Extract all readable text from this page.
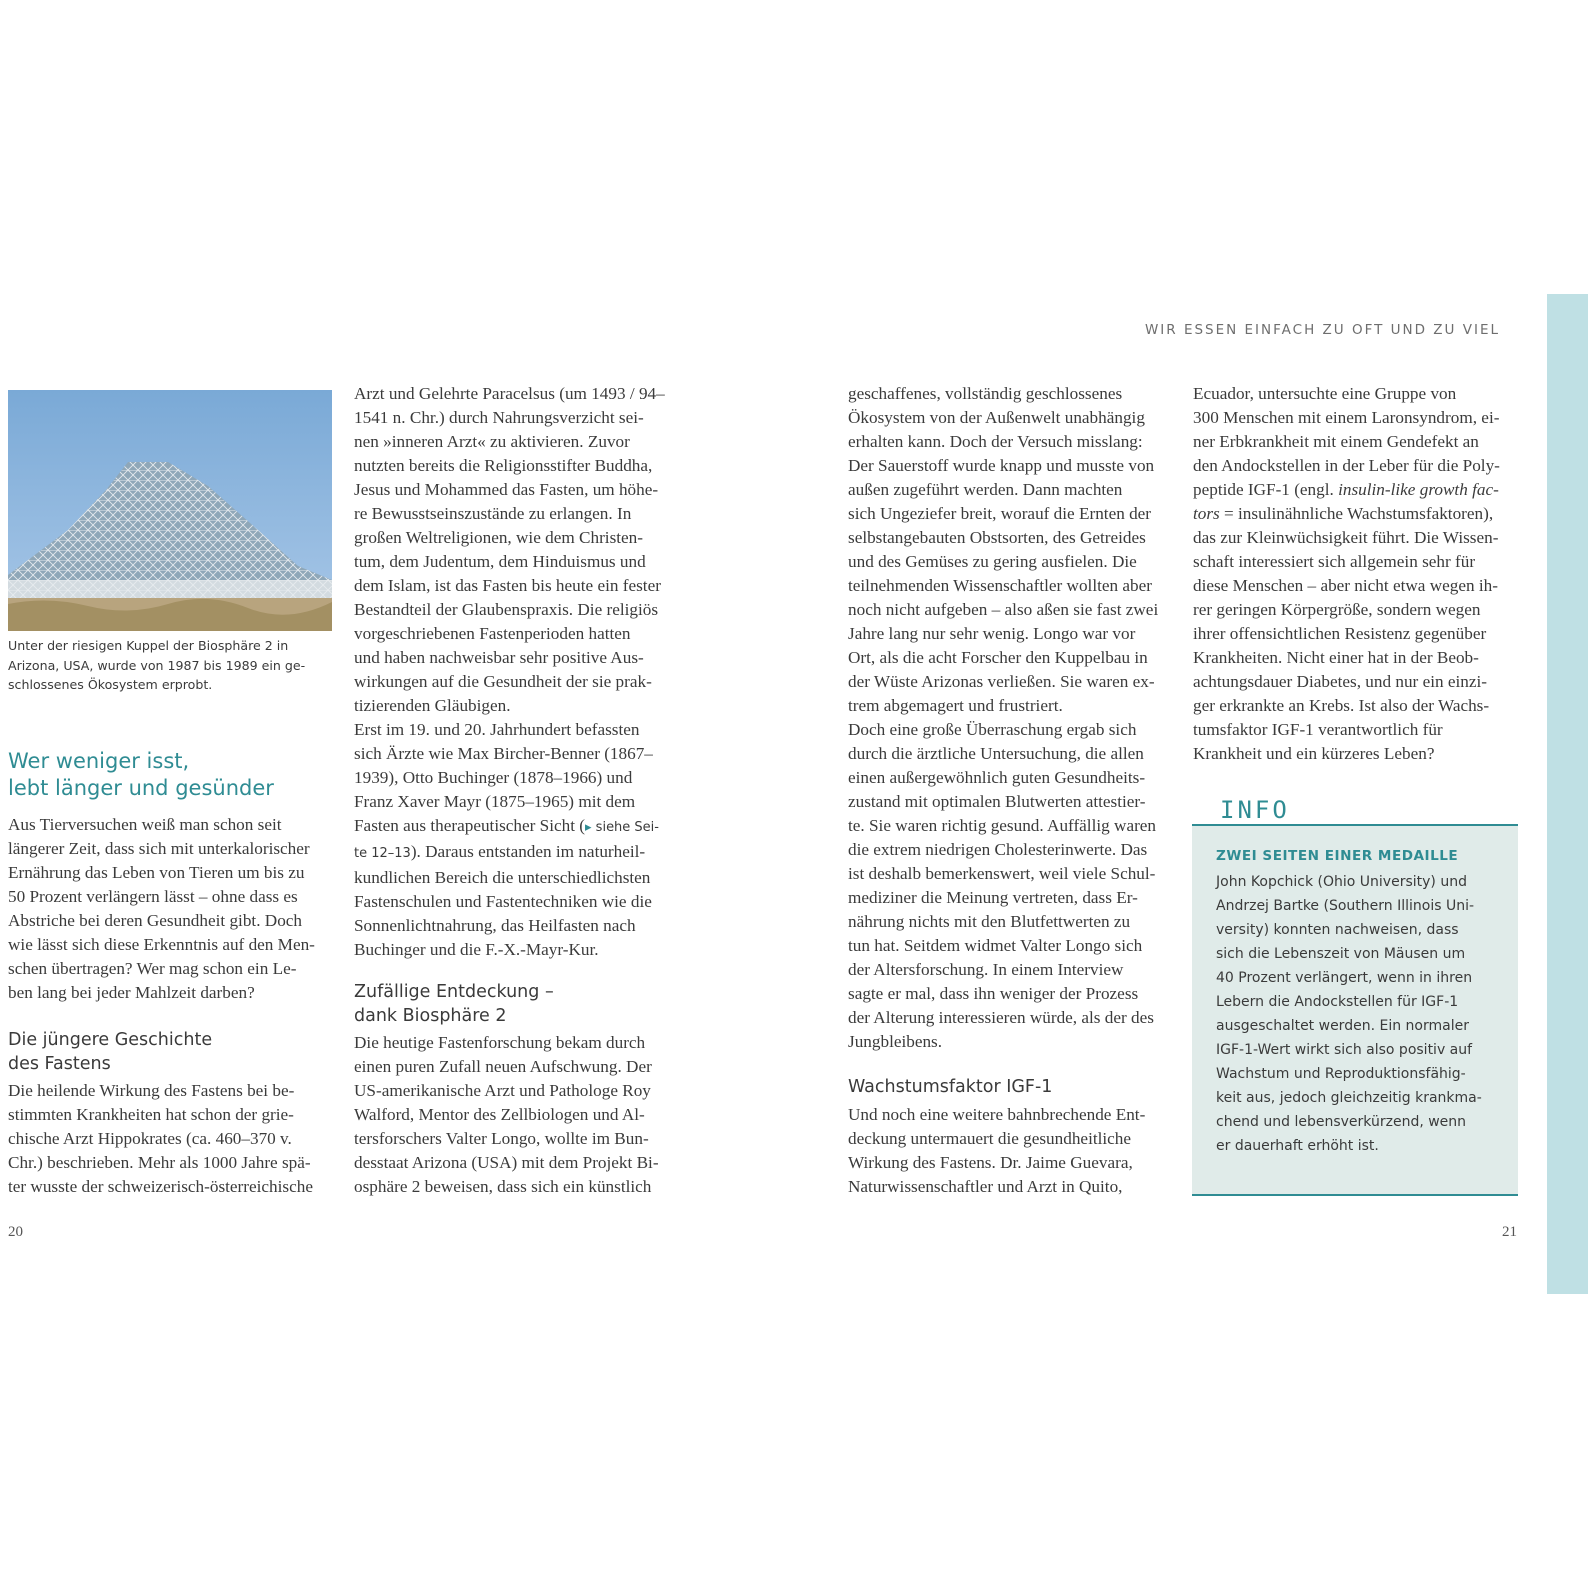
WIR ESSEN EINFACH ZU OFT UND ZU VIEL

Unter der riesigen Kuppel der Biosphäre 2 in

Arizona, USA, wurde von 1987 bis 1989 ein ge-

schlossenes Ökosystem erprobt.

Wer weniger isst,

lebt länger und gesünder

Aus Tierversuchen weiß man schon seit

längerer Zeit, dass sich mit unterkalorischer

Ernährung das Leben von Tieren um bis zu

50 Prozent verlängern lässt – ohne dass es

Abstriche bei deren Gesundheit gibt. Doch

wie lässt sich diese Erkenntnis auf den Men-

schen übertragen? Wer mag schon ein Le-

ben lang bei jeder Mahlzeit darben?

Die jüngere Geschichte

des Fastens

Die heilende Wirkung des Fastens bei be-

stimmten Krankheiten hat schon der grie-

chische Arzt Hippokrates (ca. 460–370 v.

Chr.) beschrieben. Mehr als 1000 Jahre spä-

ter wusste der schweizerisch-österreichische

Arzt und Gelehrte Paracelsus (um 1493 / 94–

1541 n. Chr.) durch Nahrungsverzicht sei-

nen »inneren Arzt« zu aktivieren. Zuvor

nutzten bereits die Religionsstifter Buddha,

Jesus und Mohammed das Fasten, um höhe-

re Bewusstseinszustände zu erlangen. In

großen Weltreligionen, wie dem Christen-

tum, dem Judentum, dem Hinduismus und

dem Islam, ist das Fasten bis heute ein fester

Bestandteil der Glaubenspraxis. Die religiös

vorgeschriebenen Fastenperioden hatten

und haben nachweisbar sehr positive Aus-

wirkungen auf die Gesundheit der sie prak-

tizierenden Gläubigen.

Erst im 19. und 20. Jahrhundert befassten

sich Ärzte wie Max Bircher-Benner (1867–

1939), Otto Buchinger (1878–1966) und

Franz Xaver Mayr (1875–1965) mit dem

Fasten aus therapeutischer Sicht (▸ siehe Sei-

te 12–13). Daraus entstanden im naturheil-

kundlichen Bereich die unterschiedlichsten

Fastenschulen und Fastentechniken wie die

Sonnenlichtnahrung, das Heilfasten nach

Buchinger und die F.-X.-Mayr-Kur.

Zufällige Entdeckung –

dank Biosphäre 2

Die heutige Fastenforschung bekam durch

einen puren Zufall neuen Aufschwung. Der

US-amerikanische Arzt und Pathologe Roy

Walford, Mentor des Zellbiologen und Al-

tersforschers Valter Longo, wollte im Bun-

desstaat Arizona (USA) mit dem Projekt Bi-

osphäre 2 beweisen, dass sich ein künstlich

geschaffenes, vollständig geschlossenes

Ökosystem von der Außenwelt unabhängig

erhalten kann. Doch der Versuch misslang:

Der Sauerstoff wurde knapp und musste von

außen zugeführt werden. Dann machten

sich Ungeziefer breit, worauf die Ernten der

selbstangebauten Obstsorten, des Getreides

und des Gemüses zu gering ausfielen. Die

teilnehmenden Wissenschaftler wollten aber

noch nicht aufgeben – also aßen sie fast zwei

Jahre lang nur sehr wenig. Longo war vor

Ort, als die acht Forscher den Kuppelbau in

der Wüste Arizonas verließen. Sie waren ex-

trem abgemagert und frustriert.

Doch eine große Überraschung ergab sich

durch die ärztliche Untersuchung, die allen

einen außergewöhnlich guten Gesundheits-

zustand mit optimalen Blutwerten attestier-

te. Sie waren richtig gesund. Auffällig waren

die extrem niedrigen Cholesterinwerte. Das

ist deshalb bemerkenswert, weil viele Schul-

mediziner die Meinung vertreten, dass Er-

nährung nichts mit den Blutfettwerten zu

tun hat. Seitdem widmet Valter Longo sich

der Altersforschung. In einem Interview

sagte er mal, dass ihn weniger der Prozess

der Alterung interessieren würde, als der des

Jungbleibens.

Wachstumsfaktor IGF-1

Und noch eine weitere bahnbrechende Ent-

deckung untermauert die gesundheitliche

Wirkung des Fastens. Dr. Jaime Guevara,

Naturwissenschaftler und Arzt in Quito,

Ecuador, untersuchte eine Gruppe von

300 Menschen mit einem Laronsyndrom, ei-

ner Erbkrankheit mit einem Gendefekt an

den Andockstellen in der Leber für die Poly-

peptide IGF-1 (engl. insulin-like growth fac-

tors = insulinähnliche Wachstumsfaktoren),

das zur Kleinwüchsigkeit führt. Die Wissen-

schaft interessiert sich allgemein sehr für

diese Menschen – aber nicht etwa wegen ih-

rer geringen Körpergröße, sondern wegen

ihrer offensichtlichen Resistenz gegenüber

Krankheiten. Nicht einer hat in der Beob-

achtungsdauer Diabetes, und nur ein einzi-

ger erkrankte an Krebs. Ist also der Wachs-

tumsfaktor IGF-1 verantwortlich für

Krankheit und ein kürzeres Leben?

INFO
ZWEI SEITEN EINER MEDAILLE

John Kopchick (Ohio University) und

Andrzej Bartke (Southern Illinois Uni-

versity) konnten nachweisen, dass

sich die Lebenszeit von Mäusen um

40 Prozent verlängert, wenn in ihren

Lebern die Andockstellen für IGF-1

ausgeschaltet werden. Ein normaler

IGF-1-Wert wirkt sich also positiv auf

Wachstum und Reproduktionsfähig-

keit aus, jedoch gleichzeitig krankma-

chend und lebensverkürzend, wenn

er dauerhaft erhöht ist.

20	21
